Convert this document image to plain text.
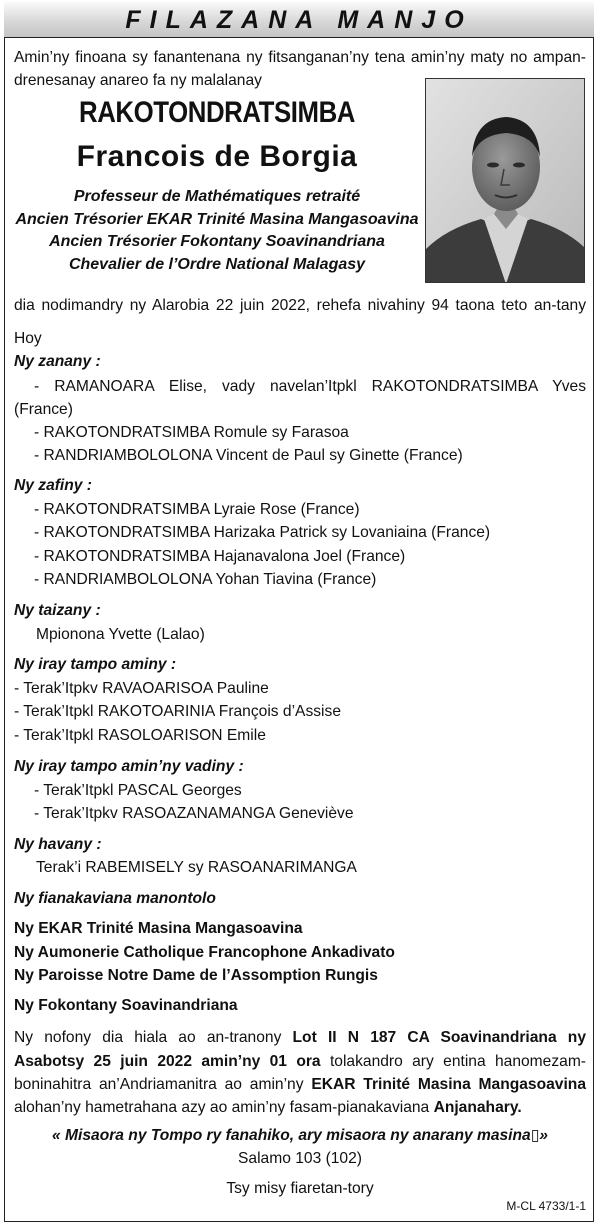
FILAZANA MANJO
Amin’ny finoana sy fanantenana ny fitsanganan’ny tena amin’ny maty no ampan-
drenesanay anareo fa ny malalanay
RAKOTONDRATSIMBA
Francois de Borgia
Professeur de Mathématiques retraité
Ancien Trésorier EKAR Trinité Masina Mangasoavina
Ancien Trésorier Fokontany Soavinandriana
Chevalier de l’Ordre National Malagasy
dia nodimandry ny Alarobia 22 juin 2022, rehefa nivahiny 94 taona teto an-tany
Hoy
Ny zanany :
- RAMANOARA Elise, vady navelan’Itpkl RAKOTONDRATSIMBA Yves
(France)
- RAKOTONDRATSIMBA Romule sy Farasoa
- RANDRIAMBOLOLONA Vincent de Paul sy Ginette (France)
Ny zafiny :
- RAKOTONDRATSIMBA Lyraie Rose (France)
- RAKOTONDRATSIMBA Harizaka Patrick sy Lovaniaina (France)
- RAKOTONDRATSIMBA Hajanavalona Joel (France)
- RANDRIAMBOLOLONA Yohan Tiavina (France)
Ny taizany :
Mpionona Yvette (Lalao)
Ny iray tampo aminy :
- Terak’Itpkv RAVAOARISOA Pauline
- Terak’Itpkl RAKOTOARINIA François d’Assise
- Terak’Itpkl RASOLOARISON Emile
Ny iray tampo amin’ny vadiny :
- Terak’Itpkl PASCAL Georges
- Terak’Itpkv RASOAZANAMANGA Geneviève
Ny havany :
Terak’i RABEMISELY sy RASOANARIMANGA
Ny fianakaviana manontolo
Ny EKAR Trinité Masina Mangasoavina
Ny Aumonerie Catholique Francophone Ankadivato
Ny Paroisse Notre Dame de l’Assomption Rungis
Ny Fokontany Soavinandriana
Ny nofony dia hiala ao an-tranony Lot II N 187 CA Soavinandriana ny
Asabotsy 25 juin 2022 amin’ny 01 ora tolakandro ary entina hanomezam-
boninahitra an’Andriamanitra ao amin’ny EKAR Trinité Masina Mangasoavina
alohan’ny hametrahana azy ao amin’ny fasam-pianakaviana Anjanahary.
« Misaora ny Tompo ry fanahiko, ary misaora ny anarany masina▯»
Salamo 103 (102)
Tsy misy fiaretan-tory
M-CL 4733/1-1
